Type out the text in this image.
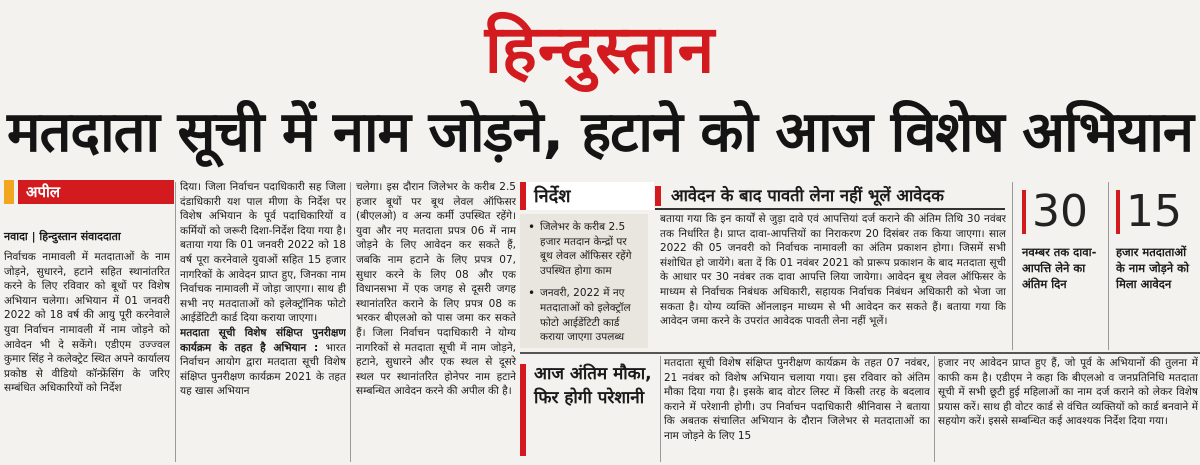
हिन्दुस्तान
मतदाता सूची में नाम जोड़ने, हटाने को आज विशेष अभियान
अपील
नवादा | हिन्दुस्तान संवाददाता

निर्वाचक नामावली में मतदाताओं के नाम जोड़ने, सुधारने, हटाने सहित स्थानांतरित करने के लिए रविवार को बूथों पर विशेष अभियान चलेगा। अभियान में 01 जनवरी 2022 को 18 वर्ष की आयु पूरी करनेवाले युवा निर्वाचन नामावली में नाम जोड़ने को आवेदन भी दे सकेंगे। एडीएम उज्ज्वल कुमार सिंह ने कलेक्ट्रेट स्थित अपने कार्यालय प्रकोष्ठ से वीडियो कॉन्फ्रेंसिंग के जरिए सम्बंधित अधिकारियों को निर्देश

दिया। जिला निर्वाचन पदाधिकारी सह जिला दंडाधिकारी यश पाल मीणा के निर्देश पर विशेष अभियान के पूर्व पदाधिकारियों व कर्मियों को जरूरी दिशा-निर्देश दिया गया है। बताया गया कि 01 जनवरी 2022 को 18 वर्ष पूरा करनेवाले युवाओं सहित 15 हजार नागरिकों के आवेदन प्राप्त हुए, जिनका नाम निर्वाचक नामावली में जोड़ा जाएगा। साथ ही सभी नए मतदाताओं को इलेक्ट्रॉनिक फोटो आईडेंटिटी कार्ड दिया कराया जाएगा।

मतदाता सूची विशेष संक्षिप्त पुनरीक्षण कार्यक्रम के तहत है अभियान : भारत निर्वाचन आयोग द्वारा मतदाता सूची विशेष संक्षिप्त पुनरीक्षण कार्यक्रम 2021 के तहत यह खास अभियान

चलेगा। इस दौरान जिलेभर के करीब 2.5 हजार बूथों पर बूथ लेवल ऑफिसर (बीएलओ) व अन्य कर्मी उपस्थित रहेंगे। युवा और नए मतदाता प्रपत्र 06 में नाम जोड़ने के लिए आवेदन कर सकते हैं, जबकि नाम हटाने के लिए प्रपत्र 07, सुधार करने के लिए 08 और एक विधानसभा में एक जगह से दूसरी जगह स्थानांतरित कराने के लिए प्रपत्र 08 क भरकर बीएलओ को पास जमा कर सकते हैं। जिला निर्वाचन पदाधिकारी ने योग्य नागरिकों से मतदाता सूची में नाम जोड़ने, हटाने, सुधारने और एक स्थल से दूसरे स्थल पर स्थानांतरित होनेपर नाम हटाने सम्बन्धित आवेदन करने की अपील की है।

निर्देश
• जिलेभर के करीब 2.5 हजार मतदान केन्द्रों पर बूथ लेवल ऑफिसर रहेंगे उपस्थित होगा काम
• जनवरी, 2022 में नए मतदाताओं को इलेक्ट्रॉल फोटो आईडेंटिटी कार्ड कराया जाएगा उपलब्ध
आवेदन के बाद पावती लेना नहीं भूलें आवेदक

बताया गया कि इन कार्यों से जुड़ा दावे एवं आपत्तियां दर्ज कराने की अंतिम तिथि 30 नवंबर तक निर्धारित है। प्राप्त दावा-आपत्तियों का निराकरण 20 दिसंबर तक किया जाएगा। साल 2022 की 05 जनवरी को निर्वाचक नामावली का अंतिम प्रकाशन होगा। जिसमें सभी संशोधित हो जायेंगे। बता दें कि 01 नवंबर 2021 को प्रारूप प्रकाशन के बाद मतदाता सूची के आधार पर 30 नवंबर तक दावा आपत्ति लिया जायेगा। आवेदन बूथ लेवल ऑफिसर के माध्यम से निर्वाचक निबंधक अधिकारी, सहायक निर्वाचक निबंधन अधिकारी को भेजा जा सकता है। योग्य व्यक्ति ऑनलाइन माध्यम से भी आवेदन कर सकते हैं। बताया गया कि आवेदन जमा करने के उपरांत आवेदक पावती लेना नहीं भूलें।

30
नवम्बर तक दावा-आपत्ति लेने का अंतिम दिन
15
हजार मतदाताओं के नाम जोड़ने को मिला आवेदन
आज अंतिम मौका, फिर होगी परेशानी

मतदाता सूची विशेष संक्षिप्त पुनरीक्षण कार्यक्रम के तहत 07 नवंबर, 21 नवंबर को विशेष अभियान चलाया गया। इस रविवार को अंतिम मौका दिया गया है। इसके बाद वोटर लिस्ट में किसी तरह के बदलाव कराने में परेशानी होगी। उप निर्वाचन पदाधिकारी श्रीनिवास ने बताया कि अबतक संचालित अभियान के दौरान जिलेभर से मतदाताओं का नाम जोड़ने के लिए 15

हजार नए आवेदन प्राप्त हुए हैं, जो पूर्व के अभियानों की तुलना में काफी कम है। एडीएम ने कहा कि बीएलओ व जनप्रतिनिधि मतदाता सूची में सभी छूटी हुई महिलाओं का नाम दर्ज कराने को लेकर विशेष प्रयास करें। साथ ही वोटर कार्ड से वंचित व्यक्तियों को कार्ड बनवाने में सहयोग करें। इससे सम्बन्धित कई आवश्यक निर्देश दिया गया।
